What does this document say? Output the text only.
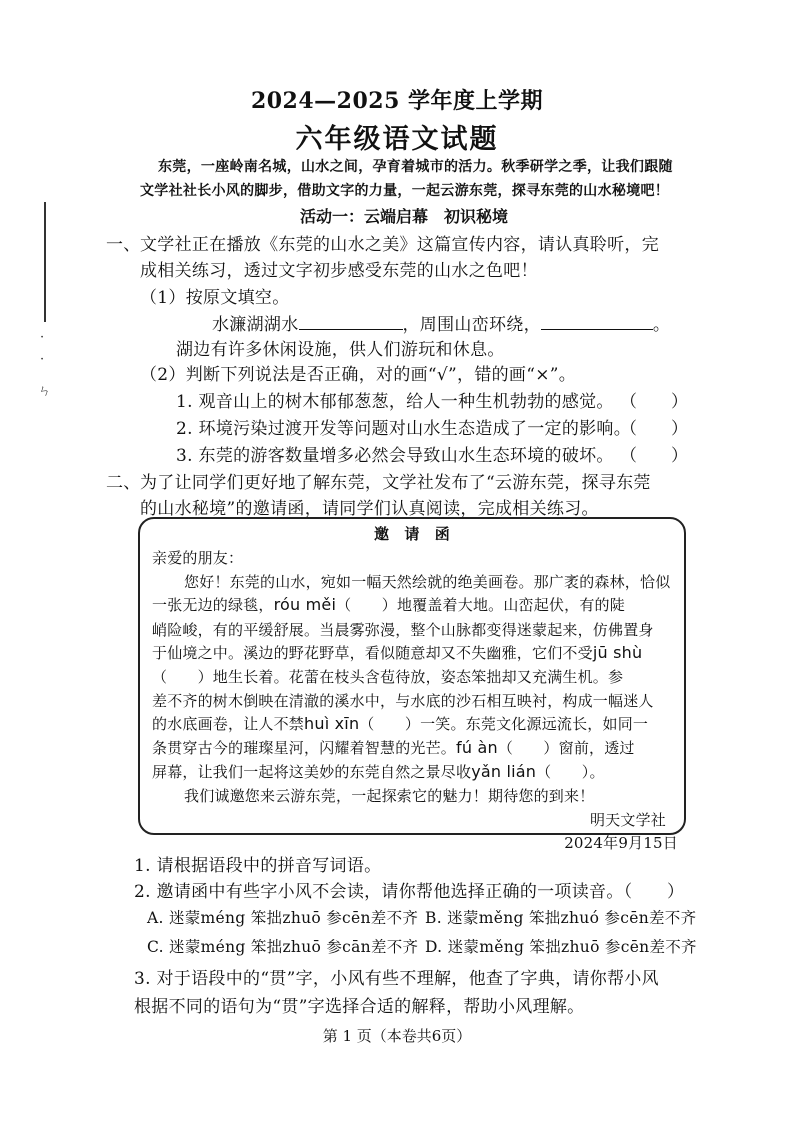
·
·
ㄣ
2024—2025 学年度上学期
六年级语文试题
东莞，一座岭南名城，山水之间，孕育着城市的活力。秋季研学之季，让我们跟随
文学社社长小风的脚步，借助文字的力量，一起云游东莞，探寻东莞的山水秘境吧！
活动一：云端启幕　初识秘境
一、 文学社正在播放《东莞的山水之美》这篇宣传内容，请认真聆听，完
成相关练习，透过文字初步感受东莞的山水之色吧！
（1）按原文填空。
水濂湖湖水	，周围山峦环绕，	。
湖边有许多休闲设施，供人们游玩和休息。
（2）判断下列说法是否正确，对的画“√”，错的画“×”。
1. 观音山上的树木郁郁葱葱，给人一种生机勃勃的感觉。 （　　）
2. 环境污染过渡开发等问题对山水生态造成了一定的影响。
（　　）
3. 东莞的游客数量增多必然会导致山水生态环境的破坏。 （　　）
二、 为了让同学们更好地了解东莞，文学社发布了“云游东莞，探寻东莞
的山水秘境”的邀请函，请同学们认真阅读，完成相关练习。
邀　请　函
亲爱的朋友：
您好！东莞的山水，宛如一幅天然绘就的绝美画卷。那广袤的森林，恰似
一张无边的绿毯，róu měi（　　）地覆盖着大地。山峦起伏，有的陡
峭险峻，有的平缓舒展。当晨雾弥漫，整个山脉都变得迷蒙起来，仿佛置身
于仙境之中。溪边的野花野草，看似随意却又不失幽雅，它们不受jū shù
（　　）地生长着。花蕾在枝头含苞待放，姿态笨拙却又充满生机。参
差不齐的树木倒映在清澈的溪水中，与水底的沙石相互映衬，构成一幅迷人
的水底画卷，让人不禁huì xīn（　　）一笑。东莞文化源远流长，如同一
条贯穿古今的璀璨星河，闪耀着智慧的光芒。fú àn（　　）窗前，透过
屏幕，让我们一起将这美妙的东莞自然之景尽收yǎn lián（　　）。
我们诚邀您来云游东莞，一起探索它的魅力！期待您的到来！
明天文学社
2024年9月15日
1. 请根据语段中的拼音写词语。
2. 邀请函中有些字小风不会读，请你帮他选择正确的一项读音。（　　）
A. 迷蒙méng 笨拙zhuō 参cēn差不齐 B. 迷蒙měng 笨拙zhuó 参cēn差不齐
C. 迷蒙méng 笨拙zhuō 参cān差不齐 D. 迷蒙měng 笨拙zhuō 参cēn差不齐
3. 对于语段中的“贯”字，小风有些不理解，他查了字典，请你帮小风
根据不同的语句为“贯”字选择合适的解释，帮助小风理解。
第 1 页（本卷共6页）
